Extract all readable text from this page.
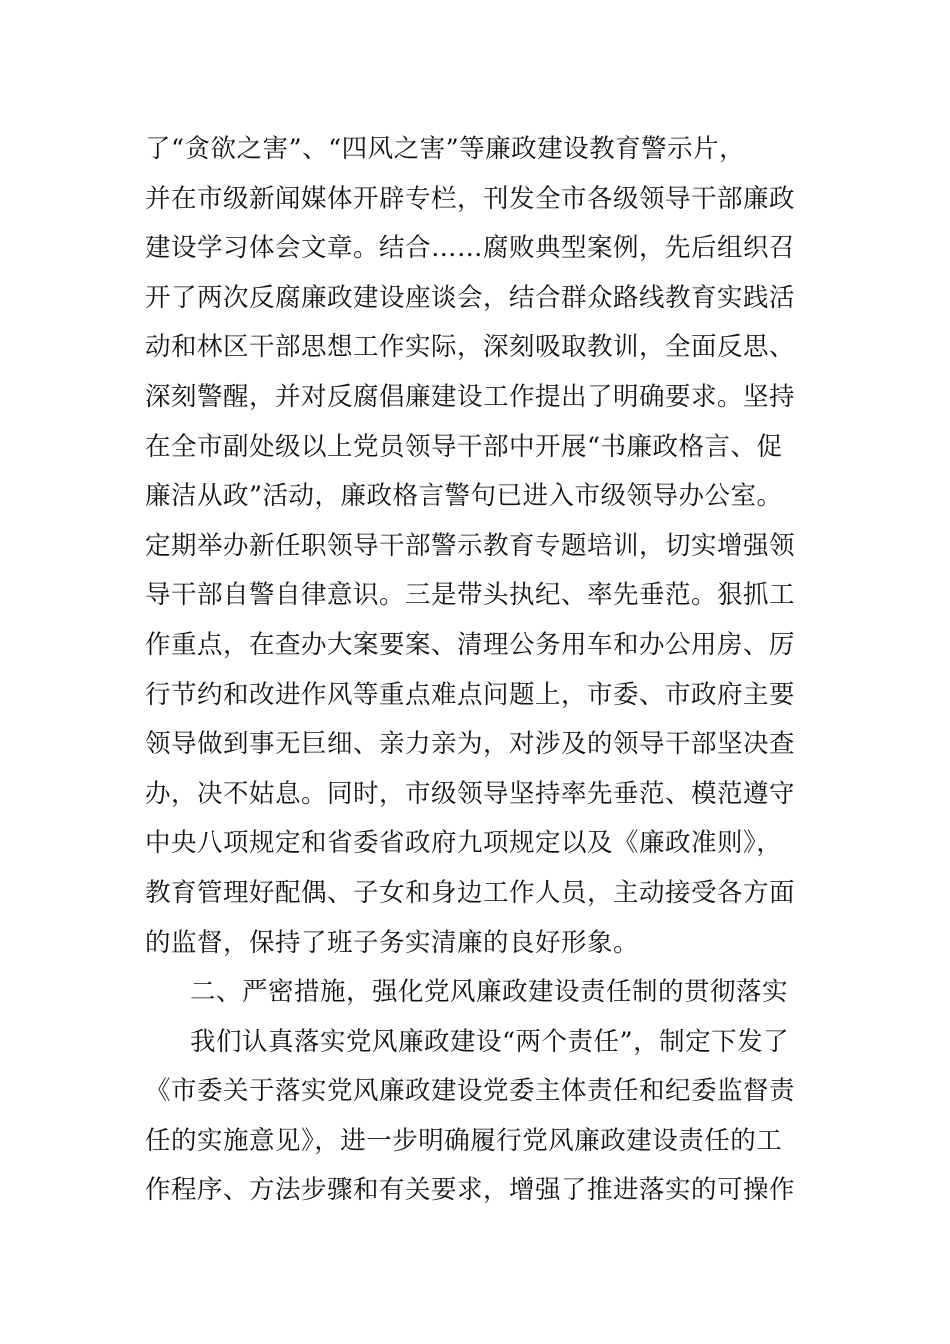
了“贪欲之害”、“四风之害”等廉政建设教育警示片，
并在市级新闻媒体开辟专栏，刊发全市各级领导干部廉政
建设学习体会文章。结合……腐败典型案例，先后组织召
开了两次反腐廉政建设座谈会，结合群众路线教育实践活
动和林区干部思想工作实际，深刻吸取教训，全面反思、
深刻警醒，并对反腐倡廉建设工作提出了明确要求。坚持
在全市副处级以上党员领导干部中开展“书廉政格言、促
廉洁从政”活动，廉政格言警句已进入市级领导办公室。
定期举办新任职领导干部警示教育专题培训，切实增强领
导干部自警自律意识。三是带头执纪、率先垂范。狠抓工
作重点，在查办大案要案、清理公务用车和办公用房、厉
行节约和改进作风等重点难点问题上，市委、市政府主要
领导做到事无巨细、亲力亲为，对涉及的领导干部坚决查
办，决不姑息。同时，市级领导坚持率先垂范、模范遵守
中央八项规定和省委省政府九项规定以及《廉政准则》，
教育管理好配偶、子女和身边工作人员，主动接受各方面
的监督，保持了班子务实清廉的良好形象。
二、严密措施，强化党风廉政建设责任制的贯彻落实
我们认真落实党风廉政建设“两个责任”，制定下发了
《市委关于落实党风廉政建设党委主体责任和纪委监督责
任的实施意见》，进一步明确履行党风廉政建设责任的工
作程序、方法步骤和有关要求，增强了推进落实的可操作
